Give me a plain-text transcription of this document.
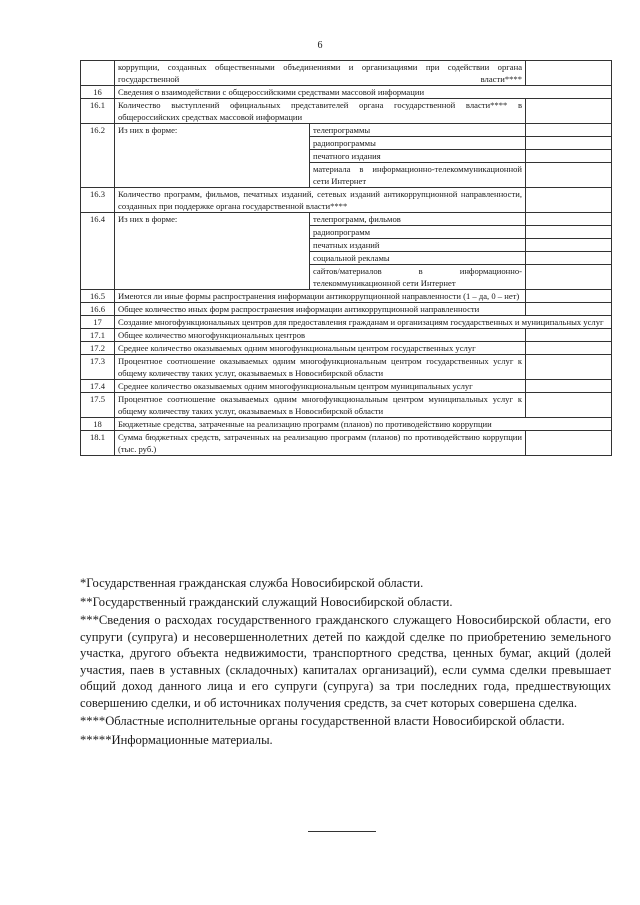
6
	коррупции, созданных общественными объединениями и организациями при содействии органа государственной власти****		
16	Сведения о взаимодействии с общероссийскими средствами массовой информации		
16.1	Количество выступлений официальных представителей органа государственной власти**** в общероссийских средствах массовой информации		
16.2	Из них в форме:	телепрограммы	
		радиопрограммы	
		печатного издания	
		материала в информационно-телекоммуникационной сети Интернет	
16.3	Количество программ, фильмов, печатных изданий, сетевых изданий антикоррупционной направленности, созданных при поддержке органа государственной власти****		
16.4	Из них в форме:	телепрограмм, фильмов	
		радиопрограмм	
		печатных изданий	
		социальной рекламы	
		сайтов/материалов в информационно-телекоммуникационной сети Интернет	
16.5	Имеются ли иные формы распространения информации антикоррупционной направленности (1 – да, 0 – нет)		
16.6	Общее количество иных форм распространения информации антикоррупционной направленности		
17	Создание многофункциональных центров для предоставления гражданам и организациям государственных и муниципальных услуг		
17.1	Общее количество многофункциональных центров		
17.2	Среднее количество оказываемых одним многофункциональным центром государственных услуг		
17.3	Процентное соотношение оказываемых одним многофункциональным центром государственных услуг к общему количеству таких услуг, оказываемых в Новосибирской области		
17.4	Среднее количество оказываемых одним многофункциональным центром муниципальных услуг		
17.5	Процентное соотношение оказываемых одним многофункциональным центром муниципальных услуг к общему количеству таких услуг, оказываемых в Новосибирской области		
18	Бюджетные средства, затраченные на реализацию программ (планов) по противодействию коррупции		
18.1	Сумма бюджетных средств, затраченных на реализацию программ (планов) по противодействию коррупции (тыс. руб.)		

*Государственная гражданская служба Новосибирской области.

**Государственный гражданский служащий Новосибирской области.

***Сведения о расходах государственного гражданского служащего Новосибирской области, его супруги (супруга) и несовершеннолетних детей по каждой сделке по приобретению земельного участка, другого объекта недвижимости, транспортного средства, ценных бумаг, акций (долей участия, паев в уставных (складочных) капиталах организаций), если сумма сделки превышает общий доход данного лица и его супруги (супруга) за три последних года, предшествующих совершению сделки, и об источниках получения средств, за счет которых совершена сделка.

****Областные исполнительные органы государственной власти Новосибирской области.

*****Информационные материалы.
